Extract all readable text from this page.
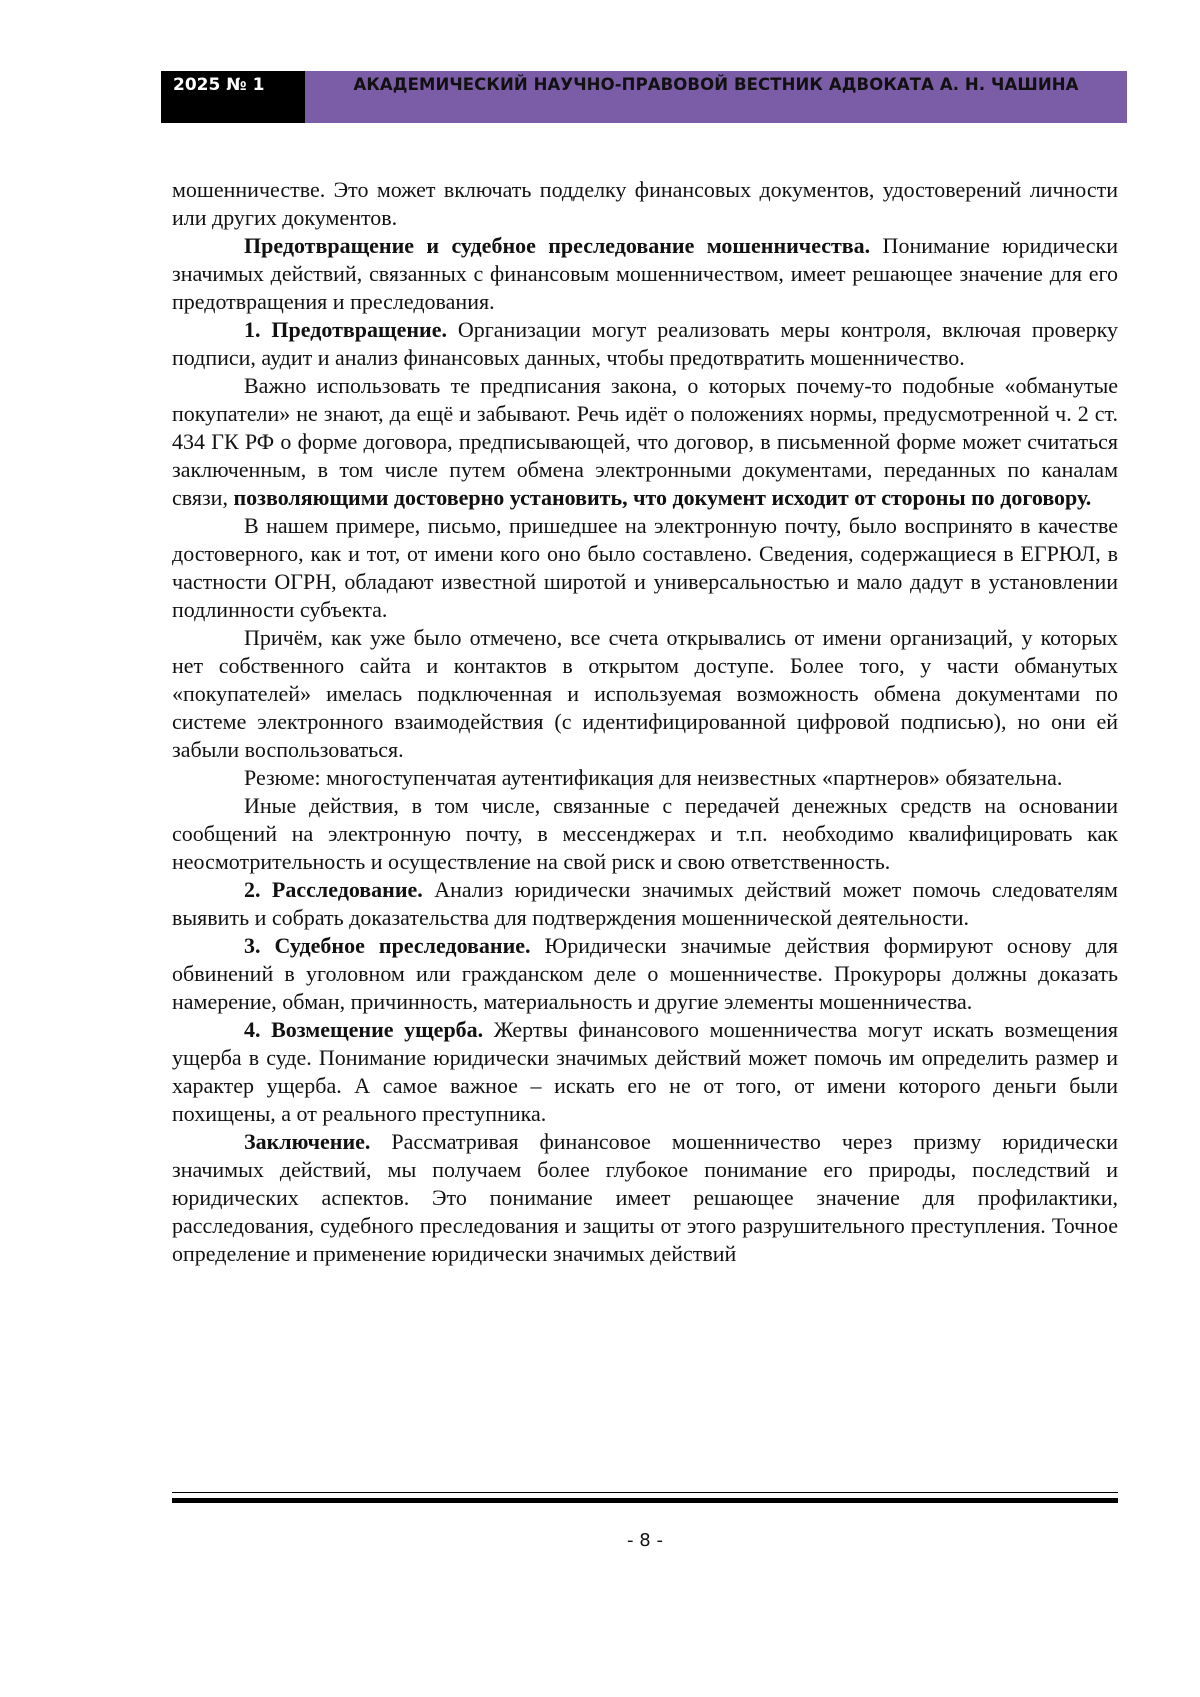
2025 № 1	АКАДЕМИЧЕСКИЙ НАУЧНО-ПРАВОВОЙ ВЕСТНИК АДВОКАТА А. Н. ЧАШИНА

мошенничестве. Это может включать подделку финансовых документов, удостоверений личности или других документов.

Предотвращение и судебное преследование мошенничества. Понимание юридически значимых действий, связанных с финансовым мошенничеством, имеет решающее значение для его предотвращения и преследования.

1. Предотвращение. Организации могут реализовать меры контроля, включая проверку подписи, аудит и анализ финансовых данных, чтобы предотвратить мошенничество.

Важно использовать те предписания закона, о которых почему-то подобные «обманутые покупатели» не знают, да ещё и забывают. Речь идёт о положениях нормы, предусмотренной ч. 2 ст. 434 ГК РФ о форме договора, предписывающей, что договор, в письменной форме может считаться заключенным, в том числе путем обмена электронными документами, переданных по каналам связи, позволяющими достоверно установить, что документ исходит от стороны по договору.

В нашем примере, письмо, пришедшее на электронную почту, было воспринято в качестве достоверного, как и тот, от имени кого оно было составлено. Сведения, содержащиеся в ЕГРЮЛ, в частности ОГРН, обладают известной широтой и универсальностью и мало дадут в установлении подлинности субъекта.

Причём, как уже было отмечено, все счета открывались от имени организаций, у которых нет собственного сайта и контактов в открытом доступе. Более того, у части обманутых «покупателей» имелась подключенная и используемая возможность обмена документами по системе электронного взаимодействия (с идентифицированной цифровой подписью), но они ей забыли воспользоваться.

Резюме: многоступенчатая аутентификация для неизвестных «партнеров» обязательна.

Иные действия, в том числе, связанные с передачей денежных средств на основании сообщений на электронную почту, в мессенджерах и т.п. необходимо квалифицировать как неосмотрительность и осуществление на свой риск и свою ответственность.

2. Расследование. Анализ юридически значимых действий может помочь следователям выявить и собрать доказательства для подтверждения мошеннической деятельности.

3. Судебное преследование. Юридически значимые действия формируют основу для обвинений в уголовном или гражданском деле о мошенничестве. Прокуроры должны доказать намерение, обман, причинность, материальность и другие элементы мошенничества.

4. Возмещение ущерба. Жертвы финансового мошенничества могут искать возмещения ущерба в суде. Понимание юридически значимых действий может помочь им определить размер и характер ущерба. А самое важное – искать его не от того, от имени которого деньги были похищены, а от реального преступника.

Заключение. Рассматривая финансовое мошенничество через призму юридически значимых действий, мы получаем более глубокое понимание его природы, последствий и юридических аспектов. Это понимание имеет решающее значение для профилактики, расследования, судебного преследования и защиты от этого разрушительного преступления. Точное определение и применение юридически значимых действий

- 8 -
